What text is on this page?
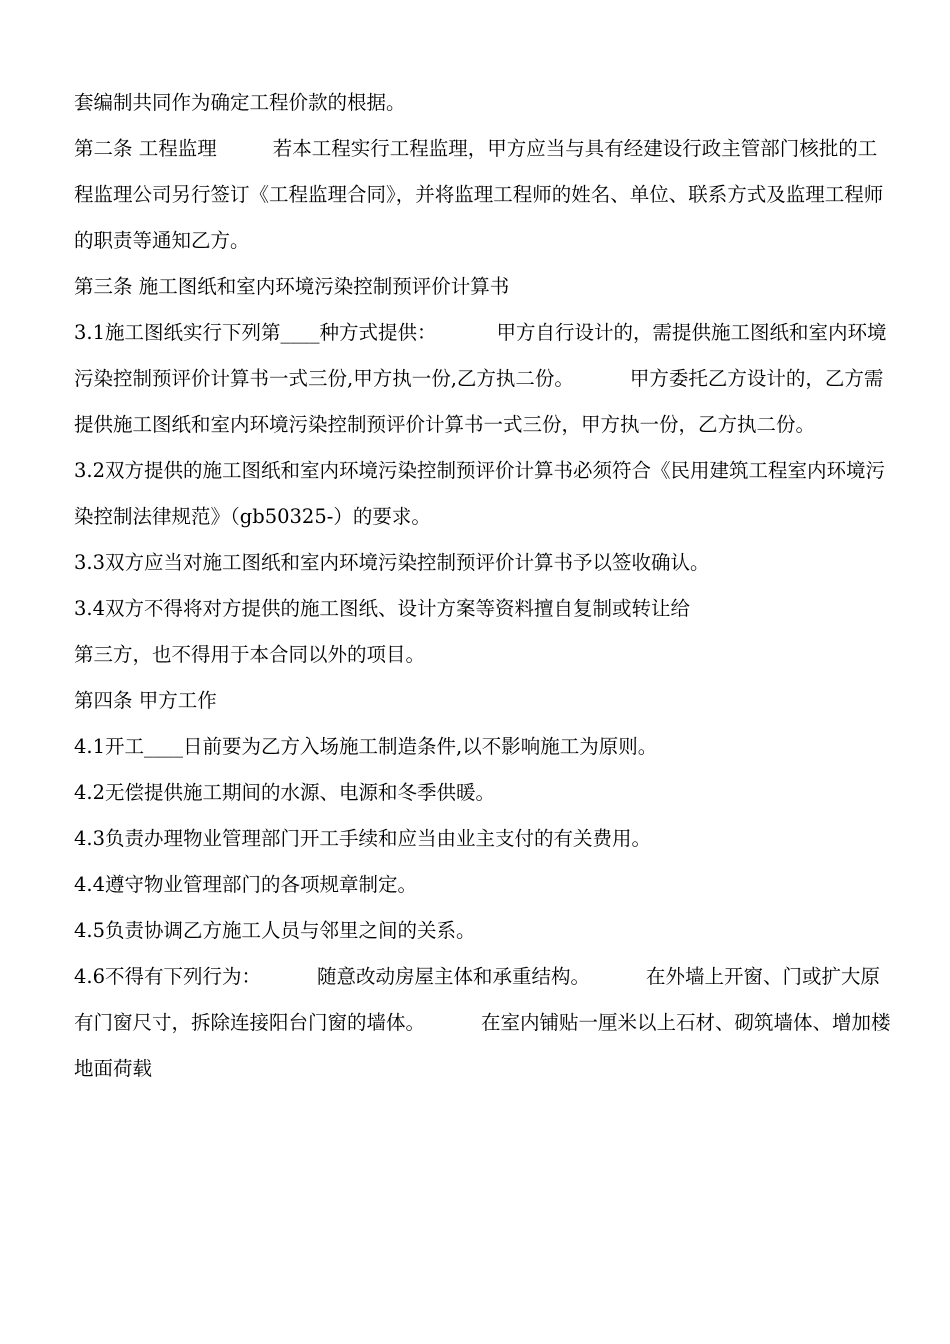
套编制共同作为确定工程价款的根据。

第二条 工程监理	若本工程实行工程监理，甲方应当与具有经建设行政主管部门核批的工程监理公司另行签订《工程监理合同》，并将监理工程师的姓名、单位、联系方式及监理工程师的职责等通知乙方。

第三条 施工图纸和室内环境污染控制预评价计算书

3.1施工图纸实行下列第____种方式提供：	甲方自行设计的，需提供施工图纸和室内环境污染控制预评价计算书一式三份,甲方执一份,乙方执二份。	甲方委托乙方设计的，乙方需提供施工图纸和室内环境污染控制预评价计算书一式三份，甲方执一份，乙方执二份。

3.2双方提供的施工图纸和室内环境污染控制预评价计算书必须符合《民用建筑工程室内环境污染控制法律规范》（gb50325-）的要求。

3.3双方应当对施工图纸和室内环境污染控制预评价计算书予以签收确认。

3.4双方不得将对方提供的施工图纸、设计方案等资料擅自复制或转让给

第三方，也不得用于本合同以外的项目。

第四条 甲方工作

4.1开工____日前要为乙方入场施工制造条件,以不影响施工为原则。

4.2无偿提供施工期间的水源、电源和冬季供暖。

4.3负责办理物业管理部门开工手续和应当由业主支付的有关费用。

4.4遵守物业管理部门的各项规章制定。

4.5负责协调乙方施工人员与邻里之间的关系。

4.6不得有下列行为：	随意改动房屋主体和承重结构。	在外墙上开窗、门或扩大原有门窗尺寸，拆除连接阳台门窗的墙体。	在室内铺贴一厘米以上石材、砌筑墙体、增加楼地面荷载
